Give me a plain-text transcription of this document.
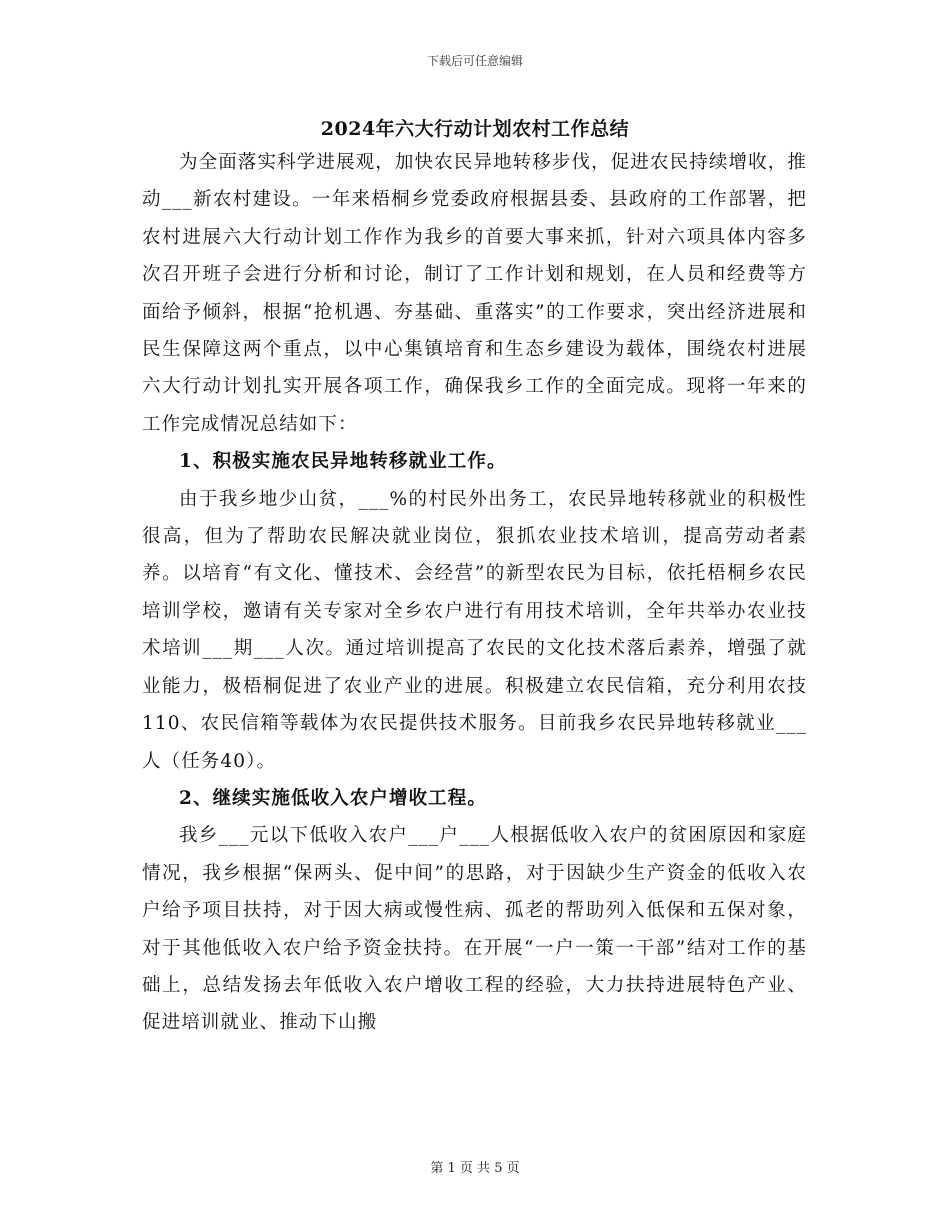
下载后可任意编辑
2024年六大行动计划农村工作总结

为全面落实科学进展观，加快农民异地转移步伐，促进农民持续增收，推动___新农村建设。一年来梧桐乡党委政府根据县委、县政府的工作部署，把农村进展六大行动计划工作作为我乡的首要大事来抓，针对六项具体内容多次召开班子会进行分析和讨论，制订了工作计划和规划，在人员和经费等方面给予倾斜，根据“抢机遇、夯基础、重落实”的工作要求，突出经济进展和民生保障这两个重点，以中心集镇培育和生态乡建设为载体，围绕农村进展六大行动计划扎实开展各项工作，确保我乡工作的全面完成。现将一年来的工作完成情况总结如下：

1、积极实施农民异地转移就业工作。

由于我乡地少山贫，___%的村民外出务工，农民异地转移就业的积极性很高，但为了帮助农民解决就业岗位，狠抓农业技术培训，提高劳动者素养。以培育“有文化、懂技术、会经营”的新型农民为目标，依托梧桐乡农民培训学校，邀请有关专家对全乡农户进行有用技术培训，全年共举办农业技术培训___期___人次。通过培训提高了农民的文化技术落后素养，增强了就业能力，极梧桐促进了农业产业的进展。积极建立农民信箱，充分利用农技110、农民信箱等载体为农民提供技术服务。目前我乡农民异地转移就业___人（任务40）。

2、继续实施低收入农户增收工程。

我乡___元以下低收入农户___户___人根据低收入农户的贫困原因和家庭情况，我乡根据“保两头、促中间”的思路，对于因缺少生产资金的低收入农户给予项目扶持，对于因大病或慢性病、孤老的帮助列入低保和五保对象，对于其他低收入农户给予资金扶持。在开展“一户一策一干部”结对工作的基础上，总结发扬去年低收入农户增收工程的经验，大力扶持进展特色产业、促进培训就业、推动下山搬

第 1 页 共 5 页
